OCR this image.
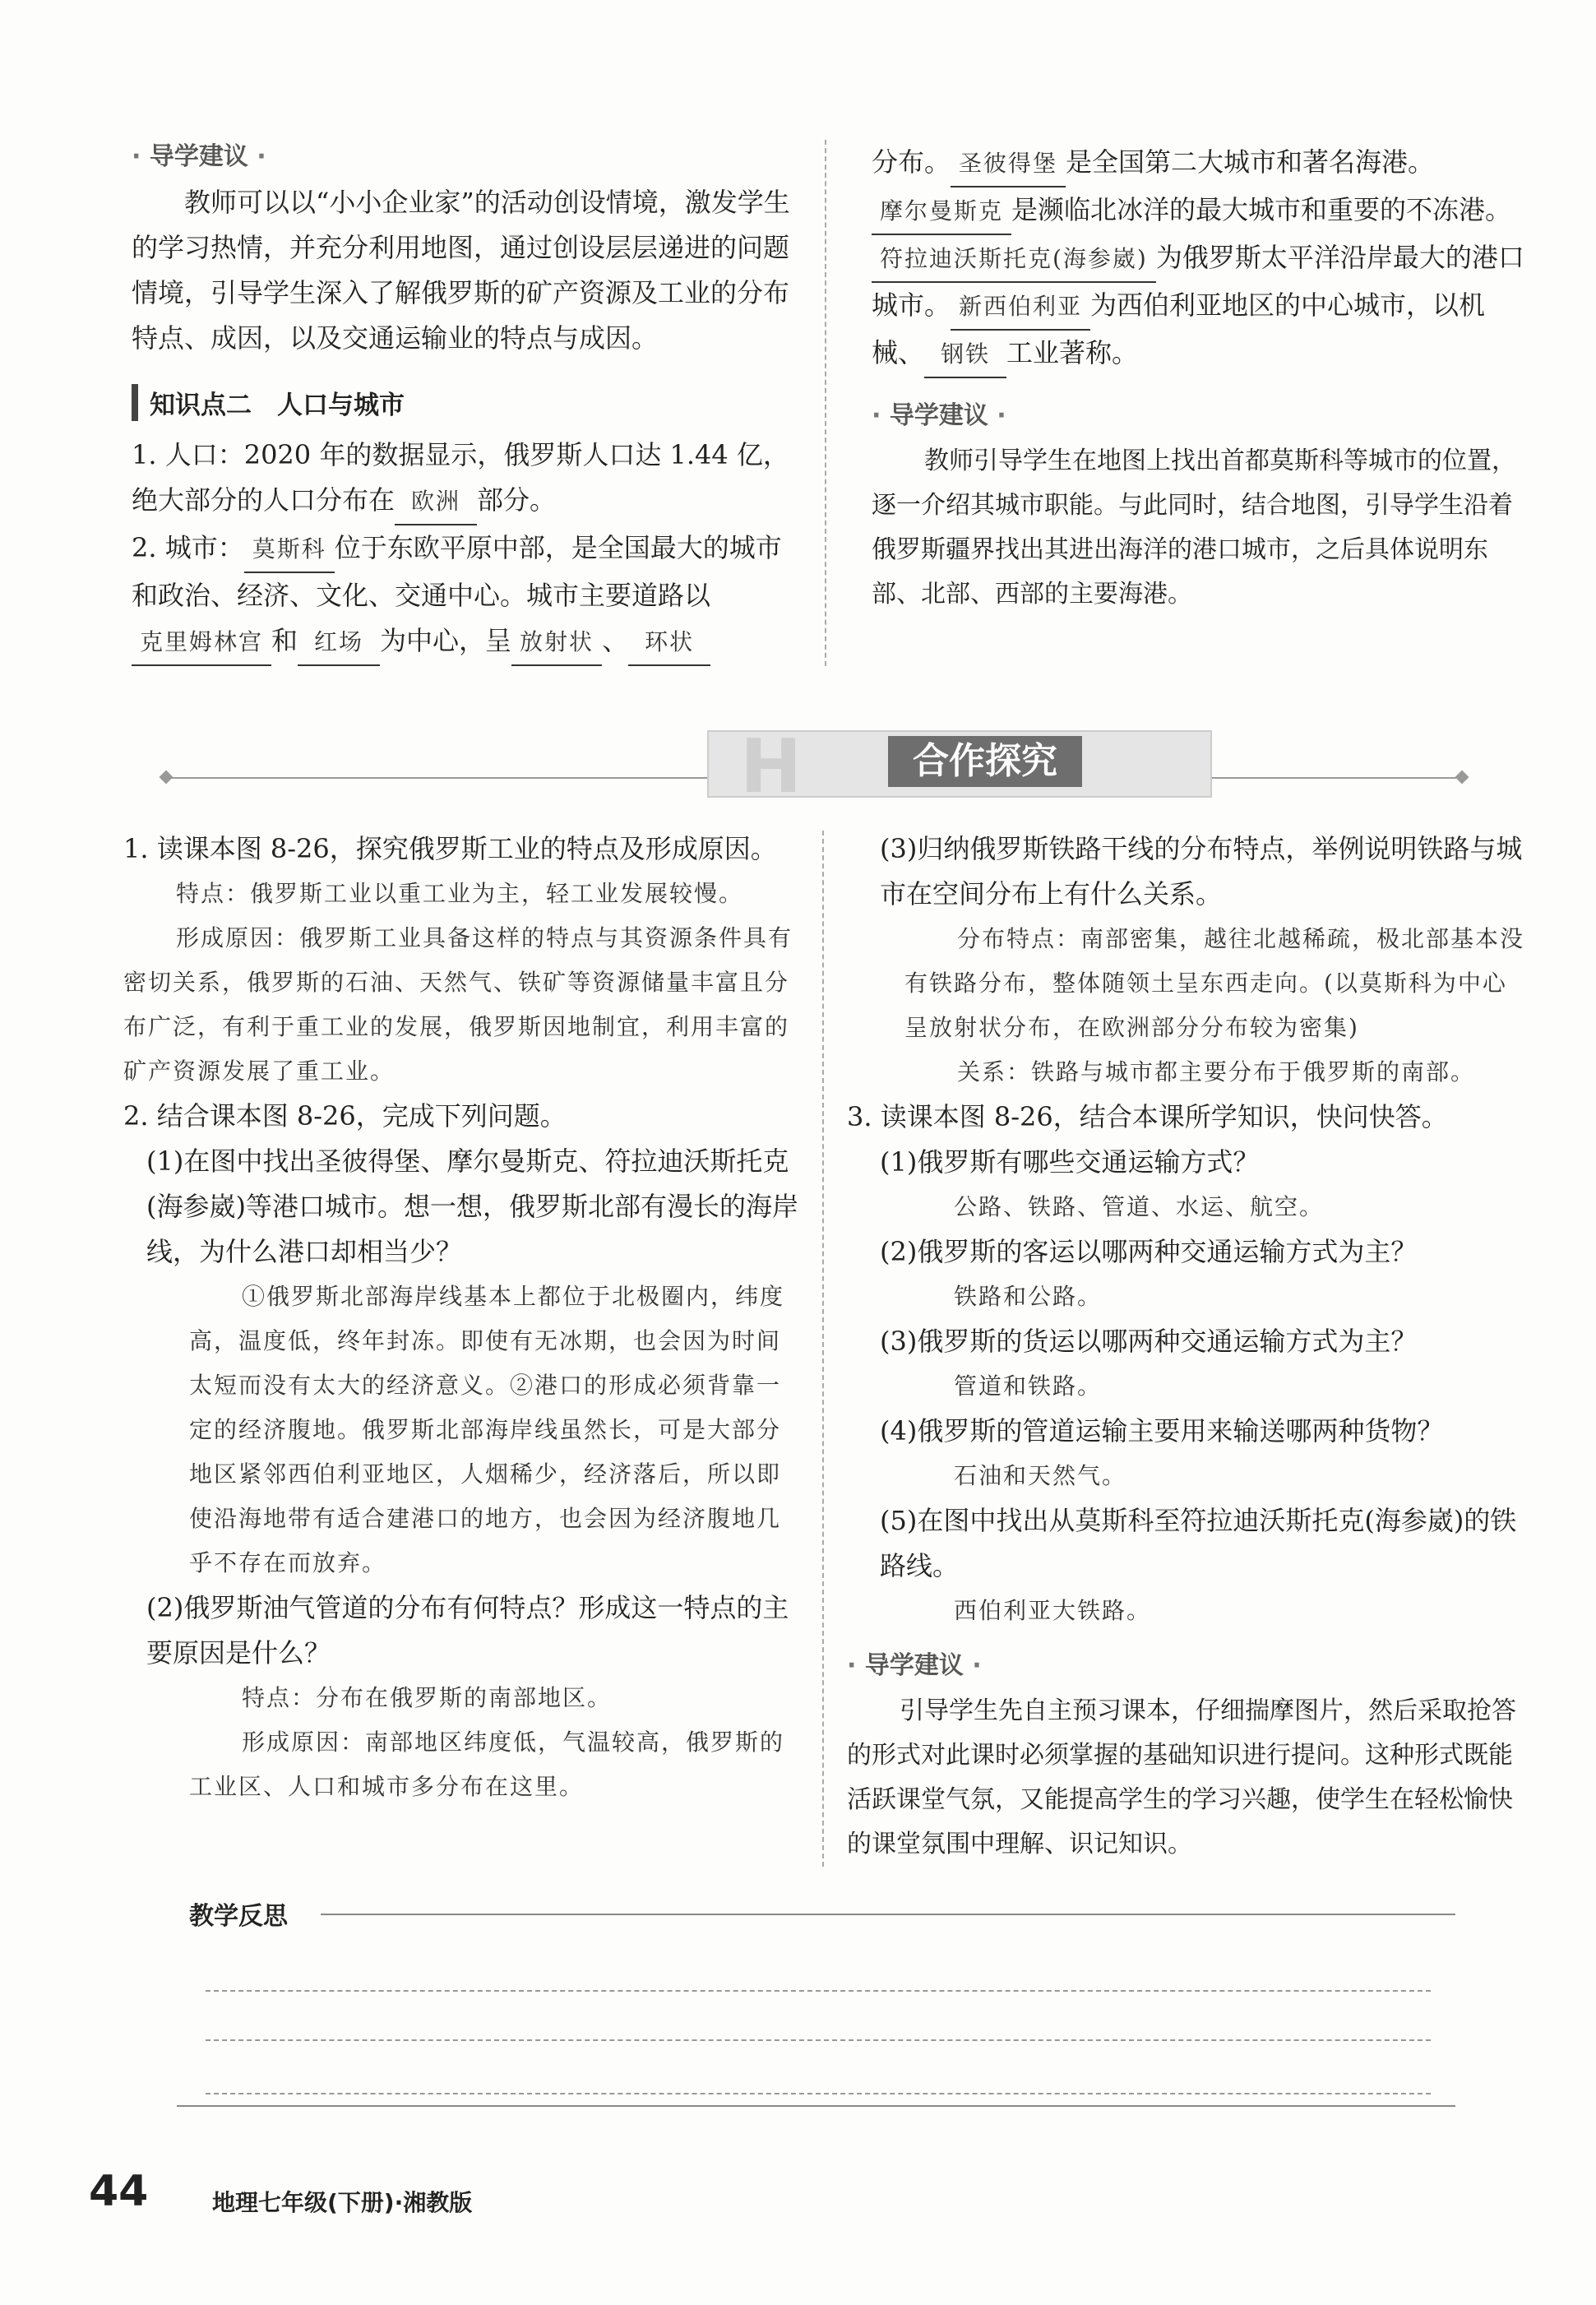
· 导学建议 ·

教师可以以“小小企业家”的活动创设情境，激发学生的学习热情，并充分利用地图，通过创设层层递进的问题情境，引导学生深入了解俄罗斯的矿产资源及工业的分布特点、成因，以及交通运输业的特点与成因。

知识点二　人口与城市

1. 人口：2020 年的数据显示，俄罗斯人口达 1.44 亿，绝大部分的人口分布在 欧洲 部分。

2. 城市： 莫斯科 位于东欧平原中部，是全国最大的城市和政治、经济、文化、交通中心。城市主要道路以克里姆林宫 和 红场 为中心，呈 放射状 、 环状

分布。 圣彼得堡 是全国第二大城市和著名海港。摩尔曼斯克 是濒临北冰洋的最大城市和重要的不冻港。符拉迪沃斯托克(海参崴) 为俄罗斯太平洋沿岸最大的港口城市。 新西伯利亚 为西伯利亚地区的中心城市，以机械、 钢铁 工业著称。

· 导学建议 ·

教师引导学生在地图上找出首都莫斯科等城市的位置，逐一介绍其城市职能。与此同时，结合地图，引导学生沿着俄罗斯疆界找出其进出海洋的港口城市，之后具体说明东部、北部、西部的主要海港。

H	合作探究

1. 读课本图 8-26，探究俄罗斯工业的特点及形成原因。

特点：俄罗斯工业以重工业为主，轻工业发展较慢。

形成原因：俄罗斯工业具备这样的特点与其资源条件具有密切关系，俄罗斯的石油、天然气、铁矿等资源储量丰富且分布广泛，有利于重工业的发展，俄罗斯因地制宜，利用丰富的矿产资源发展了重工业。

2. 结合课本图 8-26，完成下列问题。

(1)在图中找出圣彼得堡、摩尔曼斯克、符拉迪沃斯托克(海参崴)等港口城市。想一想，俄罗斯北部有漫长的海岸线，为什么港口却相当少？

①俄罗斯北部海岸线基本上都位于北极圈内，纬度高，温度低，终年封冻。即使有无冰期，也会因为时间太短而没有太大的经济意义。②港口的形成必须背靠一定的经济腹地。俄罗斯北部海岸线虽然长，可是大部分地区紧邻西伯利亚地区，人烟稀少，经济落后，所以即使沿海地带有适合建港口的地方，也会因为经济腹地几乎不存在而放弃。

(2)俄罗斯油气管道的分布有何特点？形成这一特点的主要原因是什么？

特点：分布在俄罗斯的南部地区。

形成原因：南部地区纬度低，气温较高，俄罗斯的工业区、人口和城市多分布在这里。

(3)归纳俄罗斯铁路干线的分布特点，举例说明铁路与城市在空间分布上有什么关系。

分布特点：南部密集，越往北越稀疏，极北部基本没有铁路分布，整体随领土呈东西走向。(以莫斯科为中心呈放射状分布，在欧洲部分分布较为密集)

关系：铁路与城市都主要分布于俄罗斯的南部。

3. 读课本图 8-26，结合本课所学知识，快问快答。

(1)俄罗斯有哪些交通运输方式？

公路、铁路、管道、水运、航空。

(2)俄罗斯的客运以哪两种交通运输方式为主？

铁路和公路。

(3)俄罗斯的货运以哪两种交通运输方式为主？

管道和铁路。

(4)俄罗斯的管道运输主要用来输送哪两种货物？

石油和天然气。

(5)在图中找出从莫斯科至符拉迪沃斯托克(海参崴)的铁路线。

西伯利亚大铁路。

· 导学建议 ·

引导学生先自主预习课本，仔细揣摩图片，然后采取抢答的形式对此课时必须掌握的基础知识进行提问。这种形式既能活跃课堂气氛，又能提高学生的学习兴趣，使学生在轻松愉快的课堂氛围中理解、识记知识。

教学反思
44	地理七年级(下册)·湘教版
